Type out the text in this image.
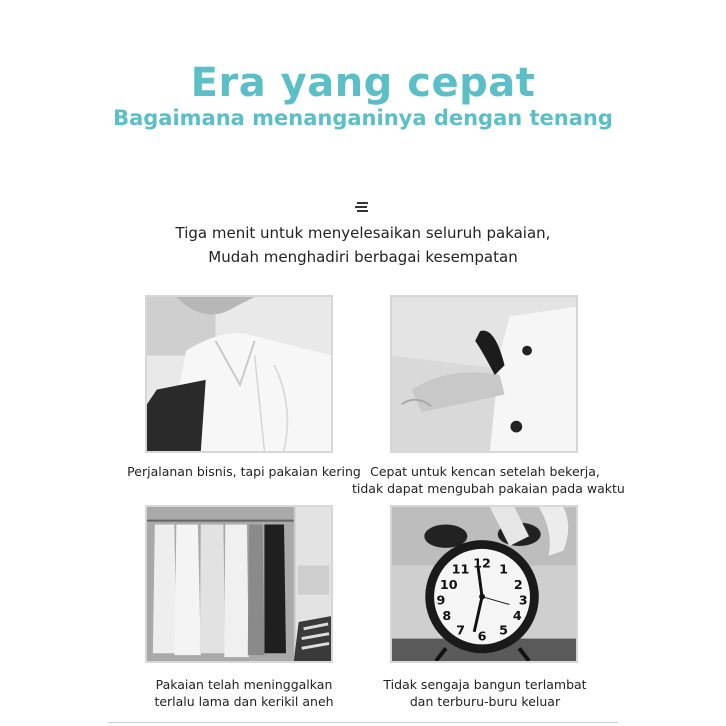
Era yang cepat
Bagaimana menanganinya dengan tenang
Tiga menit untuk menyelesaikan seluruh pakaian,
Mudah menghadiri berbagai kesempatan
Perjalanan bisnis, tapi pakaian kering Cepat untuk kencan setelah bekerja,
tidak dapat mengubah pakaian pada waktu
Pakaian telah meninggalkan
terlalu lama dan kerikil aneh
12 1
2
3
4
5
6
7
8
9
10
11
Tidak sengaja bangun terlambat
dan terburu-buru keluar
